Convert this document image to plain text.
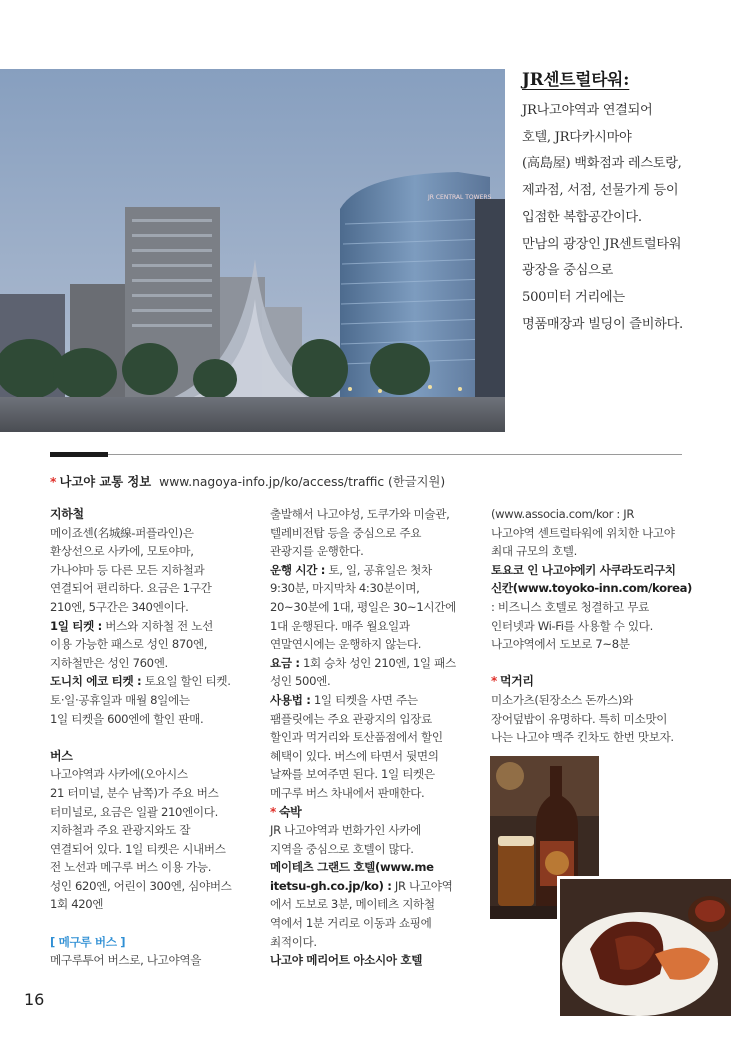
JR CENTRAL TOWERS
JR센트럴타워:

JR나고야역과 연결되어
호텔, JR다카시마야
(高島屋) 백화점과 레스토랑,
제과점, 서점, 선물가게 등이
입점한 복합공간이다.
만남의 광장인 JR센트럴타워
광장을 중심으로
500미터 거리에는
명품매장과 빌딩이 즐비하다.

* 나고야 교통 정보 www.nagoya-info.jp/ko/access/traffic (한글지원)
지하철
메이죠센(名城線-퍼플라인)은
환상선으로 사카에, 모토야마,
가나야마 등 다른 모든 지하철과
연결되어 편리하다. 요금은 1구간
210엔, 5구간은 340엔이다.
1일 티켓 : 버스와 지하철 전 노선
이용 가능한 패스로 성인 870엔,
지하철만은 성인 760엔.
도니치 에코 티켓 : 토요일 할인 티켓.
토·일·공휴일과 매월 8일에는
1일 티켓을 600엔에 할인 판매.
버스
나고야역과 사카에(오아시스
21 터미널, 분수 남쪽)가 주요 버스
터미널로, 요금은 일괄 210엔이다.
지하철과 주요 관광지와도 잘
연결되어 있다. 1일 티켓은 시내버스
전 노선과 메구루 버스 이용 가능.
성인 620엔, 어린이 300엔, 심야버스
1회 420엔
[ 메구루 버스 ]
메구루투어 버스로, 나고야역을
출발해서 나고야성, 도쿠가와 미술관,
텔레비전탑 등을 중심으로 주요
관광지를 운행한다.
운행 시간 : 토, 일, 공휴일은 첫차
9:30분, 마지막차 4:30분이며,
20~30분에 1대, 평일은 30~1시간에
1대 운행된다. 매주 월요일과
연말연시에는 운행하지 않는다.
요금 : 1회 승차 성인 210엔, 1일 패스
성인 500엔.
사용법 : 1일 티켓을 사면 주는
팸플릿에는 주요 관광지의 입장료
할인과 먹거리와 토산품점에서 할인
혜택이 있다. 버스에 타면서 뒷면의
날짜를 보여주면 된다. 1일 티켓은
메구루 버스 차내에서 판매한다.
* 숙박
JR 나고야역과 번화가인 사카에
지역을 중심으로 호텔이 많다.
메이테츠 그랜드 호텔(www.me
itetsu-gh.co.jp/ko) : JR 나고야역
에서 도보로 3분, 메이테츠 지하철
역에서 1분 거리로 이동과 쇼핑에
최적이다.
나고야 메리어트 아소시아 호텔
(www.associa.com/kor : JR
나고야역 센트럴타워에 위치한 나고야
최대 규모의 호텔.
토요코 인 나고야에키 사쿠라도리구치
신칸(www.toyoko-inn.com/korea)
: 비즈니스 호텔로 청결하고 무료
인터넷과 Wi-Fi를 사용할 수 있다.
나고야역에서 도보로 7~8분
* 먹거리
미소가츠(된장소스 돈까스)와
장어덮밥이 유명하다. 특히 미소맛이
나는 나고야 맥주 킨차도 한번 맛보자.
16
